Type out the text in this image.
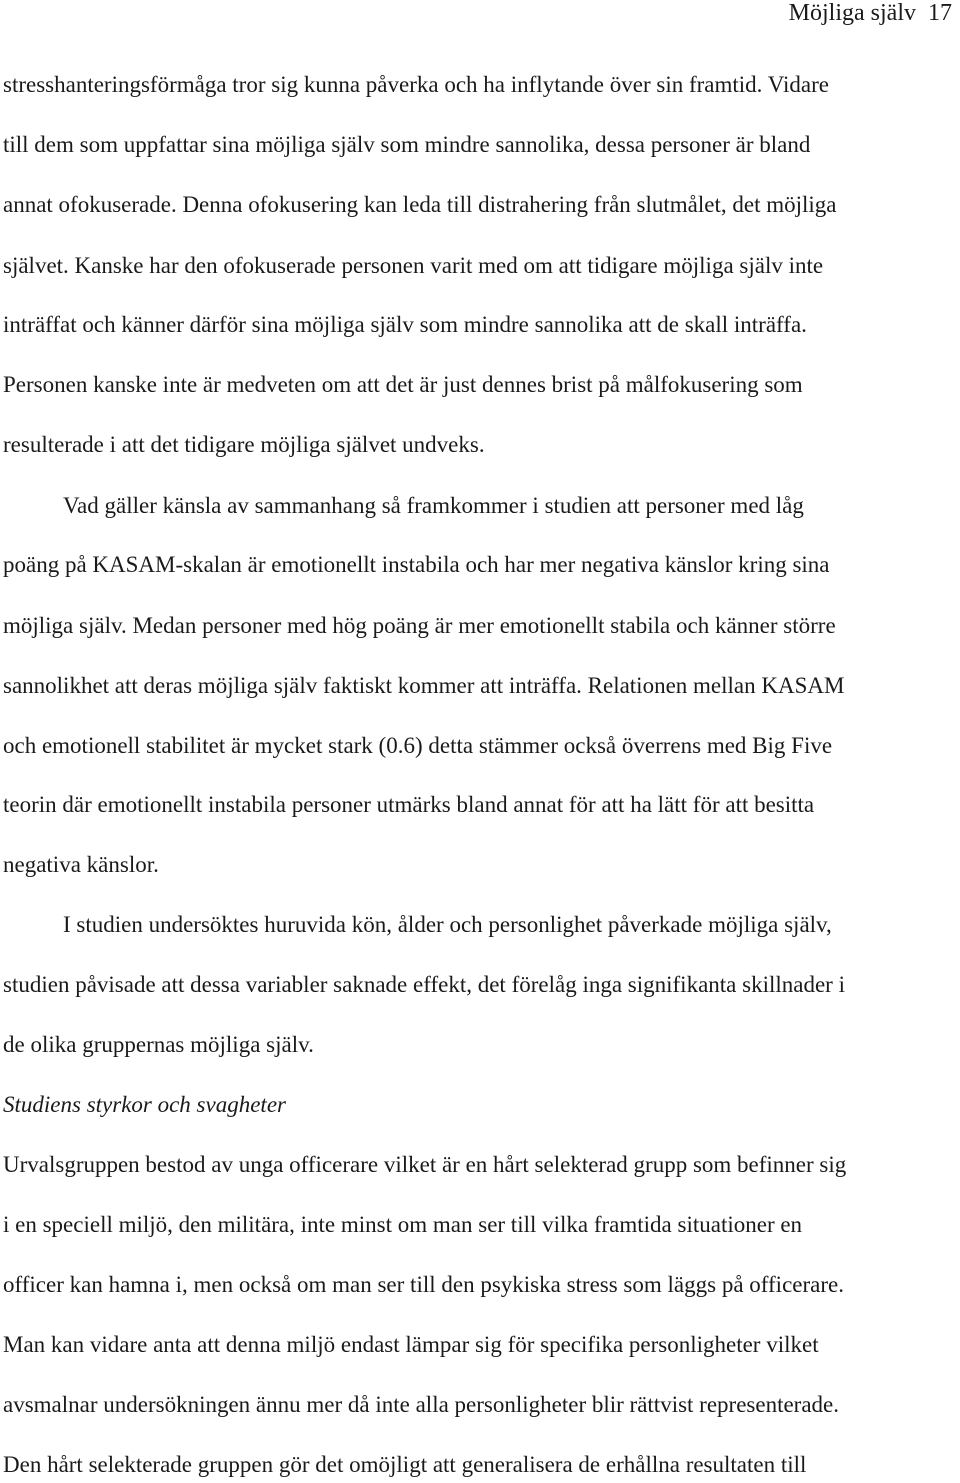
Möjliga själv 17
stresshanteringsförmåga tror sig kunna påverka och ha inflytande över sin framtid. Vidare
till dem som uppfattar sina möjliga själv som mindre sannolika, dessa personer är bland
annat ofokuserade. Denna ofokusering kan leda till distrahering från slutmålet, det möjliga
självet. Kanske har den ofokuserade personen varit med om att tidigare möjliga själv inte
inträffat och känner därför sina möjliga själv som mindre sannolika att de skall inträffa.
Personen kanske inte är medveten om att det är just dennes brist på målfokusering som
resulterade i att det tidigare möjliga självet undveks.
Vad gäller känsla av sammanhang så framkommer i studien att personer med låg
poäng på KASAM-skalan är emotionellt instabila och har mer negativa känslor kring sina
möjliga själv. Medan personer med hög poäng är mer emotionellt stabila och känner större
sannolikhet att deras möjliga själv faktiskt kommer att inträffa. Relationen mellan KASAM
och emotionell stabilitet är mycket stark (0.6) detta stämmer också överrens med Big Five
teorin där emotionellt instabila personer utmärks bland annat för att ha lätt för att besitta
negativa känslor.
I studien undersöktes huruvida kön, ålder och personlighet påverkade möjliga själv,
studien påvisade att dessa variabler saknade effekt, det förelåg inga signifikanta skillnader i
de olika gruppernas möjliga själv.
Studiens styrkor och svagheter
Urvalsgruppen bestod av unga officerare vilket är en hårt selekterad grupp som befinner sig
i en speciell miljö, den militära, inte minst om man ser till vilka framtida situationer en
officer kan hamna i, men också om man ser till den psykiska stress som läggs på officerare.
Man kan vidare anta att denna miljö endast lämpar sig för specifika personligheter vilket
avsmalnar undersökningen ännu mer då inte alla personligheter blir rättvist representerade.
Den hårt selekterade gruppen gör det omöjligt att generalisera de erhållna resultaten till
